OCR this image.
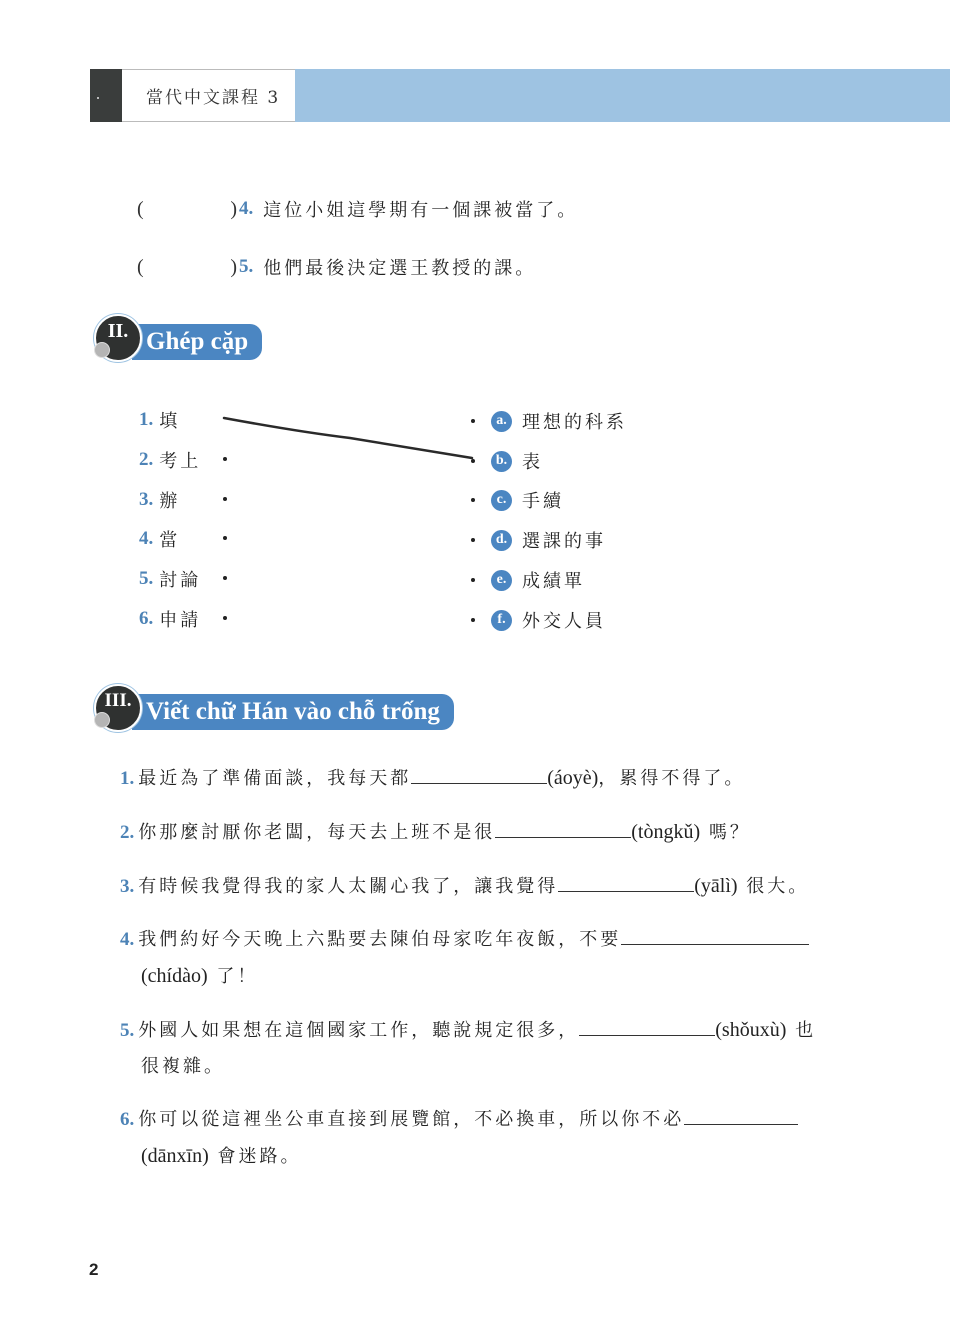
當代中文課程 3
(	) 4. 這位小姐這學期有一個課被當了。
(	) 5. 他們最後決定選王教授的課。
II. Ghép cặp
1. 填
2. 考上
3. 辦
4. 當
5. 討論
6. 申請
a. 理想的科系
b. 表
c. 手續
d. 選課的事
e. 成績單
f. 外交人員
III. Viết chữ Hán vào chỗ trống
1. 最近為了準備面談，我每天都	(áoyè)，累得不得了。
2. 你那麼討厭你老闆，每天去上班不是很	(tòngkǔ) 嗎？
3. 有時候我覺得我的家人太關心我了，讓我覺得	(yālì) 很大。
4. 我們約好今天晚上六點要去陳伯母家吃年夜飯，不要
(chídào) 了！
5. 外國人如果想在這個國家工作，聽說規定很多，	(shǒuxù) 也
很複雜。
6. 你可以從這裡坐公車直接到展覽館，不必換車，所以你不必
(dānxīn) 會迷路。
2
